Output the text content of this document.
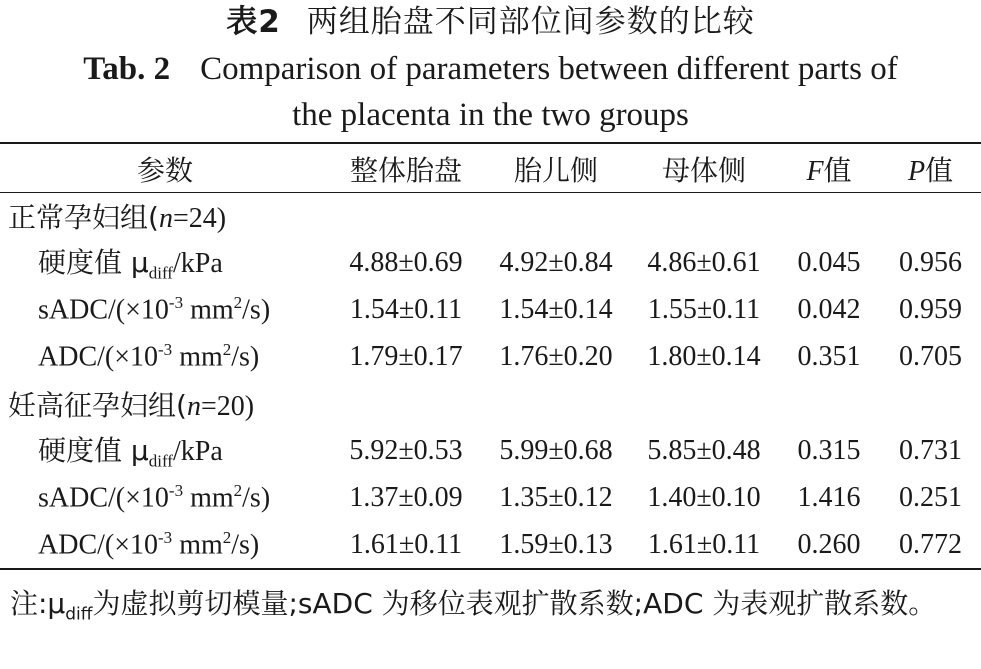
表2 两组胎盘不同部位间参数的比较
Tab. 2 Comparison of parameters between different parts of
the placenta in the two groups
参数	整体胎盘	胎儿侧	母体侧	F值	P值
正常孕妇组(n=24)					
硬度值 $\mu_{diff}$/kPa	4.88±0.69	4.92±0.84	4.86±0.61	0.045	0.956
sADC/($\times 10^{-3}$ $mm^2/s$)	1.54±0.11	1.54±0.14	1.55±0.11	0.042	0.959
ADC/($\times 10^{-3}$ $mm^2/s$)	1.79±0.17	1.76±0.20	1.80±0.14	0.351	0.705
妊高征孕妇组(n=20)					
硬度值 $\mu_{diff}$/kPa	5.92±0.53	5.99±0.68	5.85±0.48	0.315	0.731
sADC/($\times 10^{-3}$ $mm^2/s$)	1.37±0.09	1.35±0.12	1.40±0.10	1.416	0.251
ADC/($\times 10^{-3}$ $mm^2/s$)	1.61±0.11	1.59±0.13	1.61±0.11	0.260	0.772
注$:\mu_{diff}$为虚拟剪切模量;sADC 为移位表观扩散系数;ADC 为表观扩散系数。
